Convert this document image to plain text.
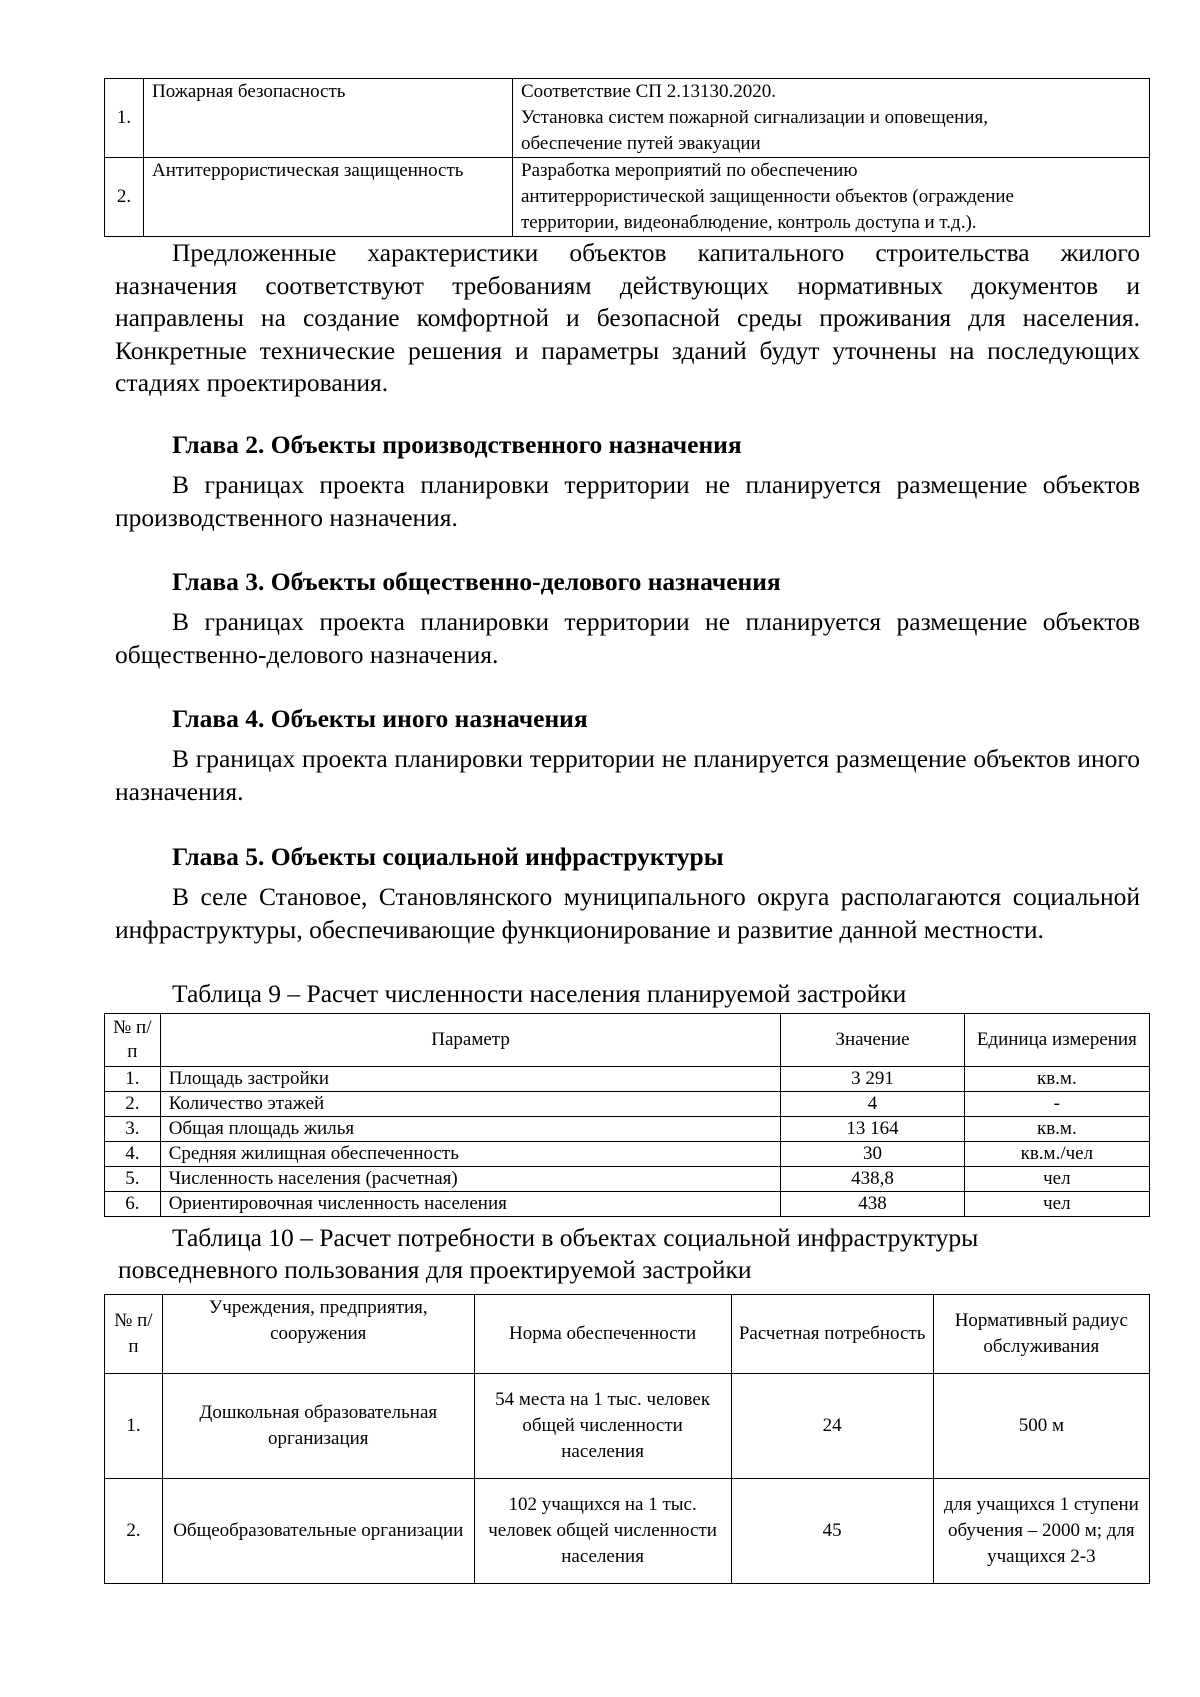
1.	Пожарная безопасность	Соответствие СП 2.13130.2020.
Установка систем пожарной сигнализации и оповещения,
обеспечение путей эвакуации

2.	Антитеррористическая защищенность	Разработка мероприятий по обеспечению
антитеррористической защищенности объектов (ограждение
территории, видеонаблюдение, контроль доступа и т.д.).

Предложенные характеристики объектов капитального строительства жилого назначения соответствуют требованиям действующих нормативных документов и направлены на создание комфортной и безопасной среды проживания для населения. Конкретные технические решения и параметры зданий будут уточнены на последующих стадиях проектирования.

Глава 2. Объекты производственного назначения

В границах проекта планировки территории не планируется размещение объектов производственного назначения.

Глава 3. Объекты общественно-делового назначения

В границах проекта планировки территории не планируется размещение объектов общественно-делового назначения.

Глава 4. Объекты иного назначения

В границах проекта планировки территории не планируется размещение объектов иного назначения.

Глава 5. Объекты социальной инфраструктуры

В селе Становое, Становлянского муниципального округа располагаются социальной инфраструктуры, обеспечивающие функционирование и развитие данной местности.

Таблица 9 – Расчет численности населения планируемой застройки

№ п/п	Параметр	Значение	Единица измерения
1.	Площадь застройки	3 291	кв.м.
2.	Количество этажей	4	-
3.	Общая площадь жилья	13 164	кв.м.
4.	Средняя жилищная обеспеченность	30	кв.м./чел
5.	Численность населения (расчетная)	438,8	чел
6.	Ориентировочная численность населения	438	чел

Таблица 10 – Расчет потребности в объектах социальной инфраструктуры

повседневного пользования для проектируемой застройки

№ п/п	Учреждения, предприятия, сооружения	Норма обеспеченности	Расчетная потребность	Нормативный радиус обслуживания
1.	Дошкольная образовательная организация	54 места на 1 тыс. человек общей численности населения	24	500 м
2.	Общеобразовательные организации	102 учащихся на 1 тыс. человек общей численности населения	45	для учащихся 1 ступени обучения – 2000 м; для учащихся 2-3
